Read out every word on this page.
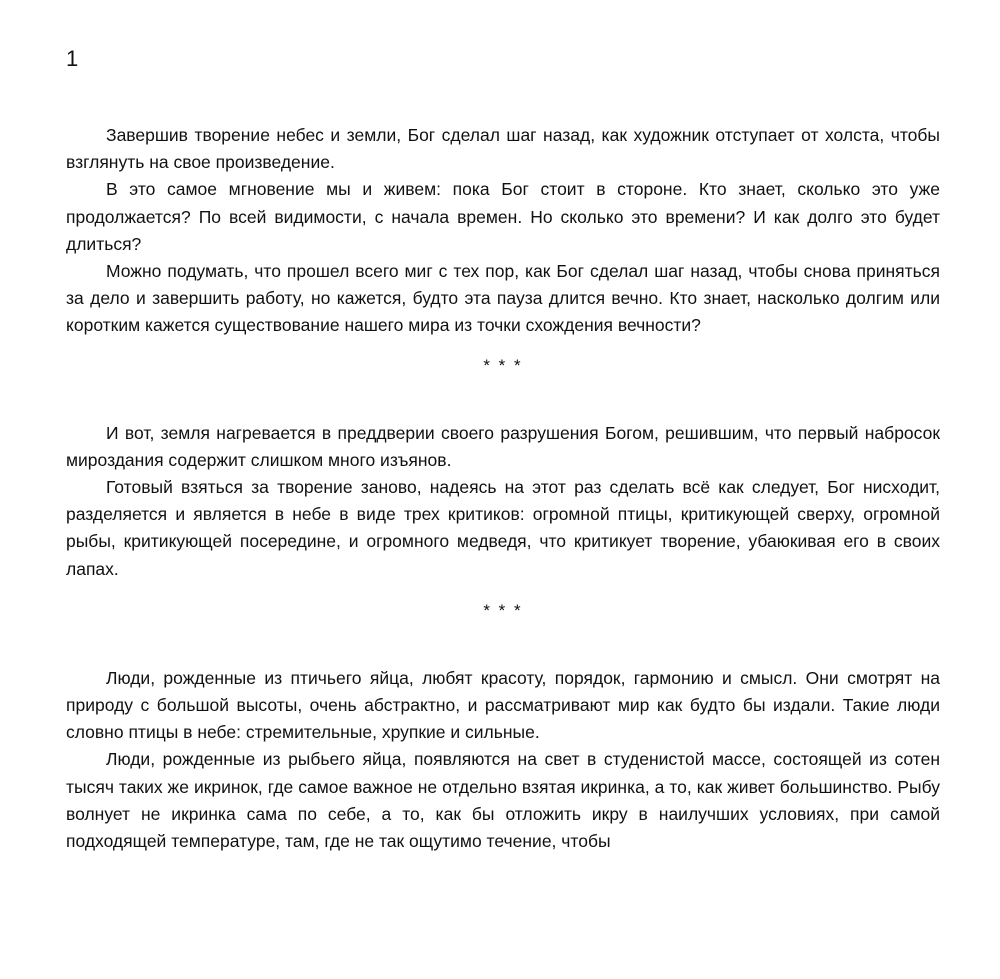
1

Завершив творение небес и земли, Бог сделал шаг назад, как художник отступает от холста, чтобы взглянуть на свое произведение.

В это самое мгновение мы и живем: пока Бог стоит в стороне. Кто знает, сколько это уже продолжается? По всей видимости, с начала времен. Но сколько это времени? И как долго это будет длиться?

Можно подумать, что прошел всего миг с тех пор, как Бог сделал шаг назад, чтобы снова приняться за дело и завершить работу, но кажется, будто эта пауза длится вечно. Кто знает, насколько долгим или коротким кажется существование нашего мира из точки схождения вечности?

* * *

И вот, земля нагревается в преддверии своего разрушения Богом, решившим, что первый набросок мироздания содержит слишком много изъянов.

Готовый взяться за творение заново, надеясь на этот раз сделать всё как следует, Бог нисходит, разделяется и является в небе в виде трех критиков: огромной птицы, критикующей сверху, огромной рыбы, критикующей посередине, и огромного медведя, что критикует творение, убаюкивая его в своих лапах.

* * *

Люди, рожденные из птичьего яйца, любят красоту, порядок, гармонию и смысл. Они смотрят на природу с большой высоты, очень абстрактно, и рассматривают мир как будто бы издали. Такие люди словно птицы в небе: стремительные, хрупкие и сильные.

Люди, рожденные из рыбьего яйца, появляются на свет в студенистой массе, состоящей из сотен тысяч таких же икринок, где самое важное не отдельно взятая икринка, а то, как живет большинство. Рыбу волнует не икринка сама по себе, а то, как бы отложить икру в наилучших условиях, при самой подходящей температуре, там, где не так ощутимо течение, чтобы
